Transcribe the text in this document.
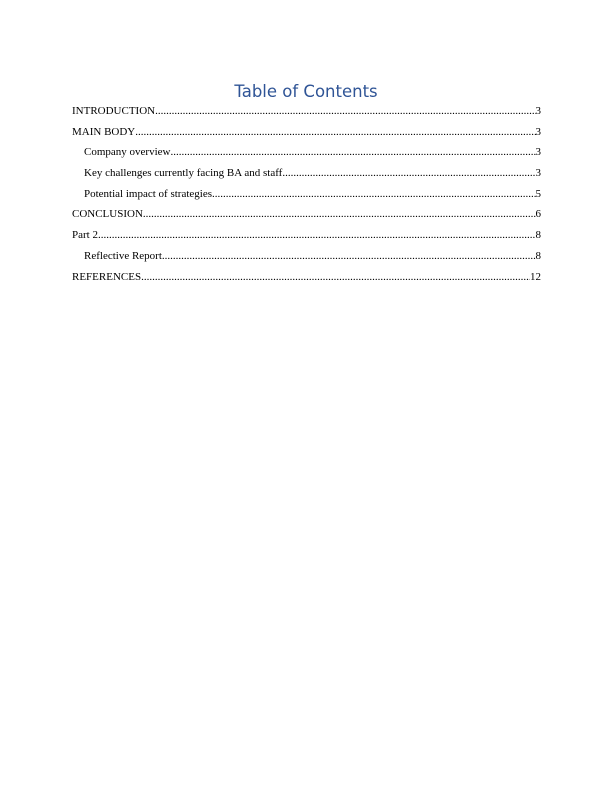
Table of Contents
INTRODUCTION .....	3
MAIN BODY .....	3
Company overview .....	3
Key challenges currently facing BA and staff .....	3
Potential impact of strategies .....	5
CONCLUSION .....	6
Part 2 .....	8
Reflective Report .....	8
REFERENCES .....	12
